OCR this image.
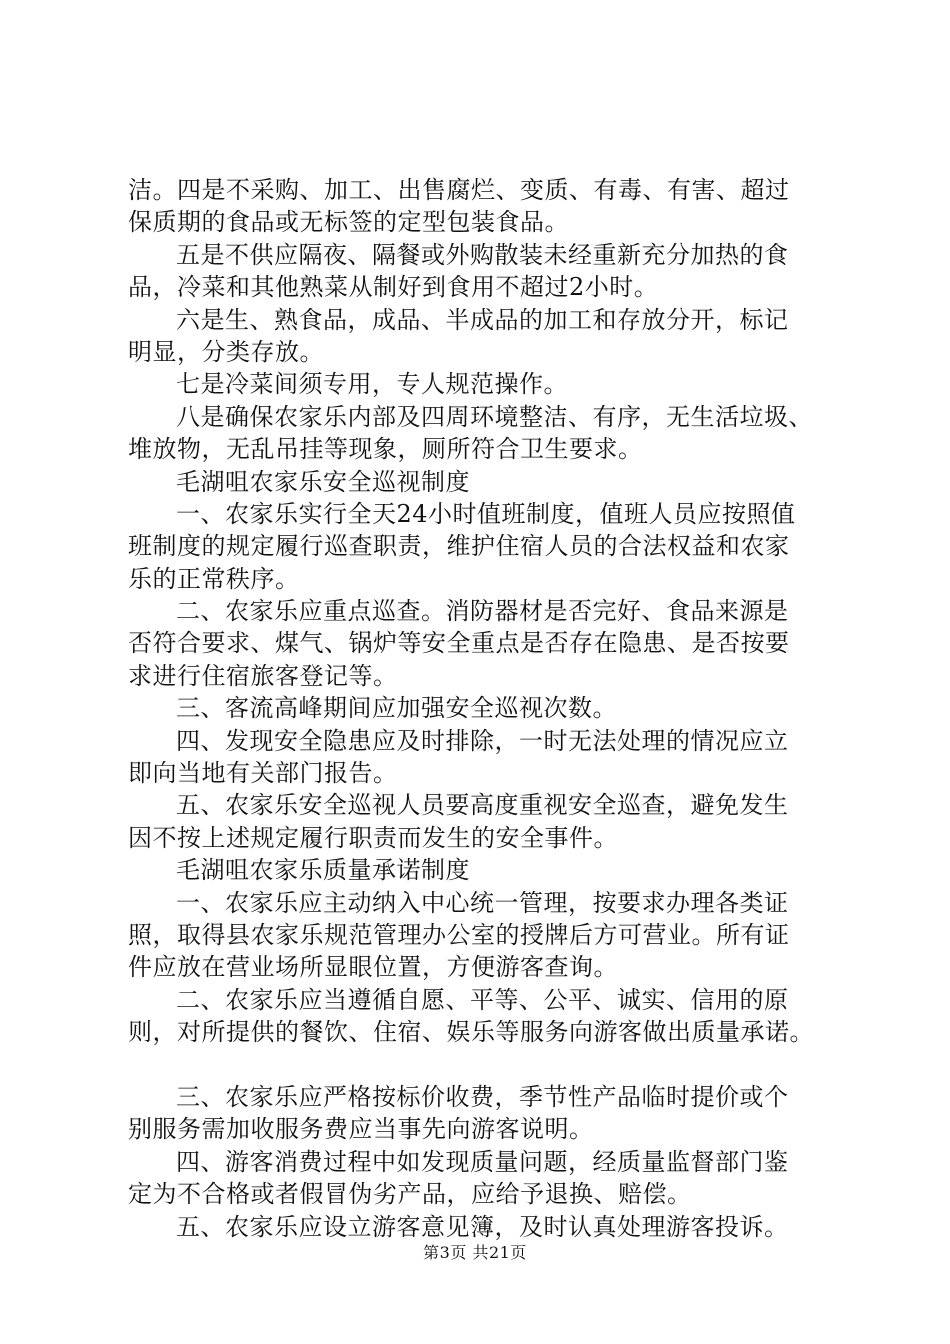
洁。四是不采购、加工、出售腐烂、变质、有毒、有害、超过
保质期的食品或无标签的定型包装食品。
五是不供应隔夜、隔餐或外购散装未经重新充分加热的食
品，冷菜和其他熟菜从制好到食用不超过2小时。
六是生、熟食品，成品、半成品的加工和存放分开，标记
明显，分类存放。
七是冷菜间须专用，专人规范操作。
八是确保农家乐内部及四周环境整洁、有序，无生活垃圾、
堆放物，无乱吊挂等现象，厕所符合卫生要求。
毛湖咀农家乐安全巡视制度
一、农家乐实行全天24小时值班制度，值班人员应按照值
班制度的规定履行巡查职责，维护住宿人员的合法权益和农家
乐的正常秩序。
二、农家乐应重点巡查。消防器材是否完好、食品来源是
否符合要求、煤气、锅炉等安全重点是否存在隐患、是否按要
求进行住宿旅客登记等。
三、客流高峰期间应加强安全巡视次数。
四、发现安全隐患应及时排除，一时无法处理的情况应立
即向当地有关部门报告。
五、农家乐安全巡视人员要高度重视安全巡查，避免发生
因不按上述规定履行职责而发生的安全事件。
毛湖咀农家乐质量承诺制度
一、农家乐应主动纳入中心统一管理，按要求办理各类证
照，取得县农家乐规范管理办公室的授牌后方可营业。所有证
件应放在营业场所显眼位置，方便游客查询。
二、农家乐应当遵循自愿、平等、公平、诚实、信用的原
则，对所提供的餐饮、住宿、娱乐等服务向游客做出质量承诺。
三、农家乐应严格按标价收费，季节性产品临时提价或个
别服务需加收服务费应当事先向游客说明。
四、游客消费过程中如发现质量问题，经质量监督部门鉴
定为不合格或者假冒伪劣产品，应给予退换、赔偿。
五、农家乐应设立游客意见簿，及时认真处理游客投诉。
第3页 共21页
